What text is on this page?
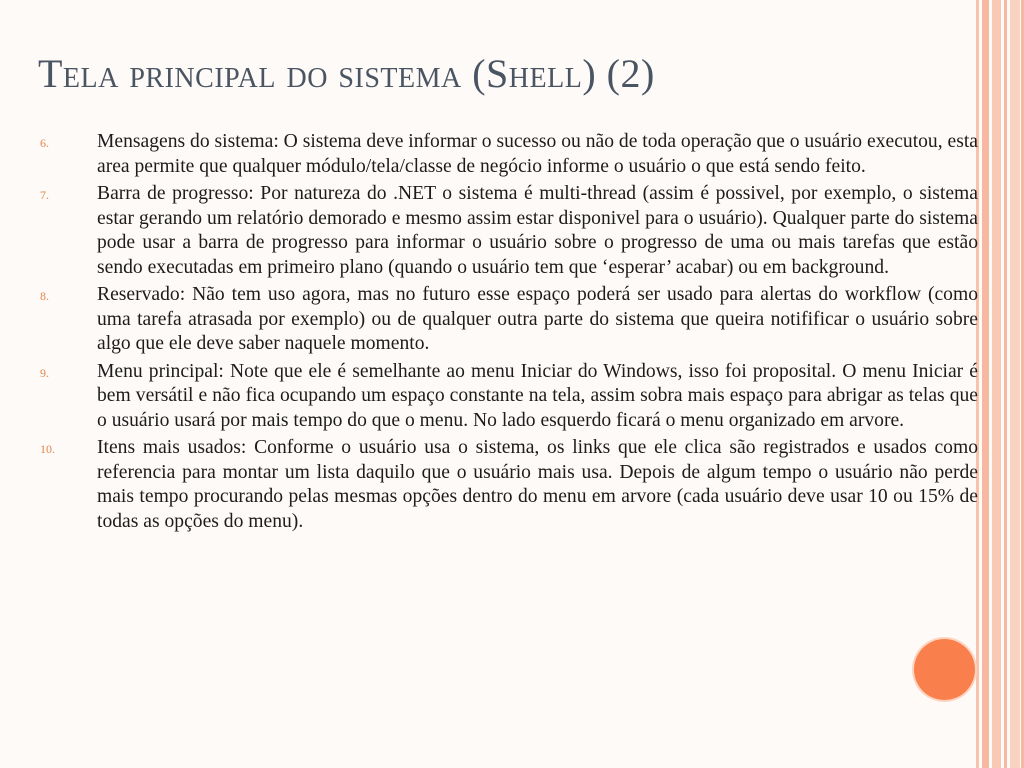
Tela principal do sistema (Shell) (2)
6. Mensagens do sistema: O sistema deve informar o sucesso ou não de toda operação que o usuário executou, esta area permite que qualquer módulo/tela/classe de negócio informe o usuário o que está sendo feito.
7. Barra de progresso: Por natureza do .NET o sistema é multi-thread (assim é possivel, por exemplo, o sistema estar gerando um relatório demorado e mesmo assim estar disponivel para o usuário). Qualquer parte do sistema pode usar a barra de progresso para informar o usuário sobre o progresso de uma ou mais tarefas que estão sendo executadas em primeiro plano (quando o usuário tem que ‘esperar’ acabar) ou em background.
8. Reservado: Não tem uso agora, mas no futuro esse espaço poderá ser usado para alertas do workflow (como uma tarefa atrasada por exemplo) ou de qualquer outra parte do sistema que queira notifificar o usuário sobre algo que ele deve saber naquele momento.
9. Menu principal: Note que ele é semelhante ao menu Iniciar do Windows, isso foi proposital. O menu Iniciar é bem versátil e não fica ocupando um espaço constante na tela, assim sobra mais espaço para abrigar as telas que o usuário usará por mais tempo do que o menu. No lado esquerdo ficará o menu organizado em arvore.
10. Itens mais usados: Conforme o usuário usa o sistema, os links que ele clica são registrados e usados como referencia para montar um lista daquilo que o usuário mais usa. Depois de algum tempo o usuário não perde mais tempo procurando pelas mesmas opções dentro do menu em arvore (cada usuário deve usar 10 ou 15% de todas as opções do menu).
